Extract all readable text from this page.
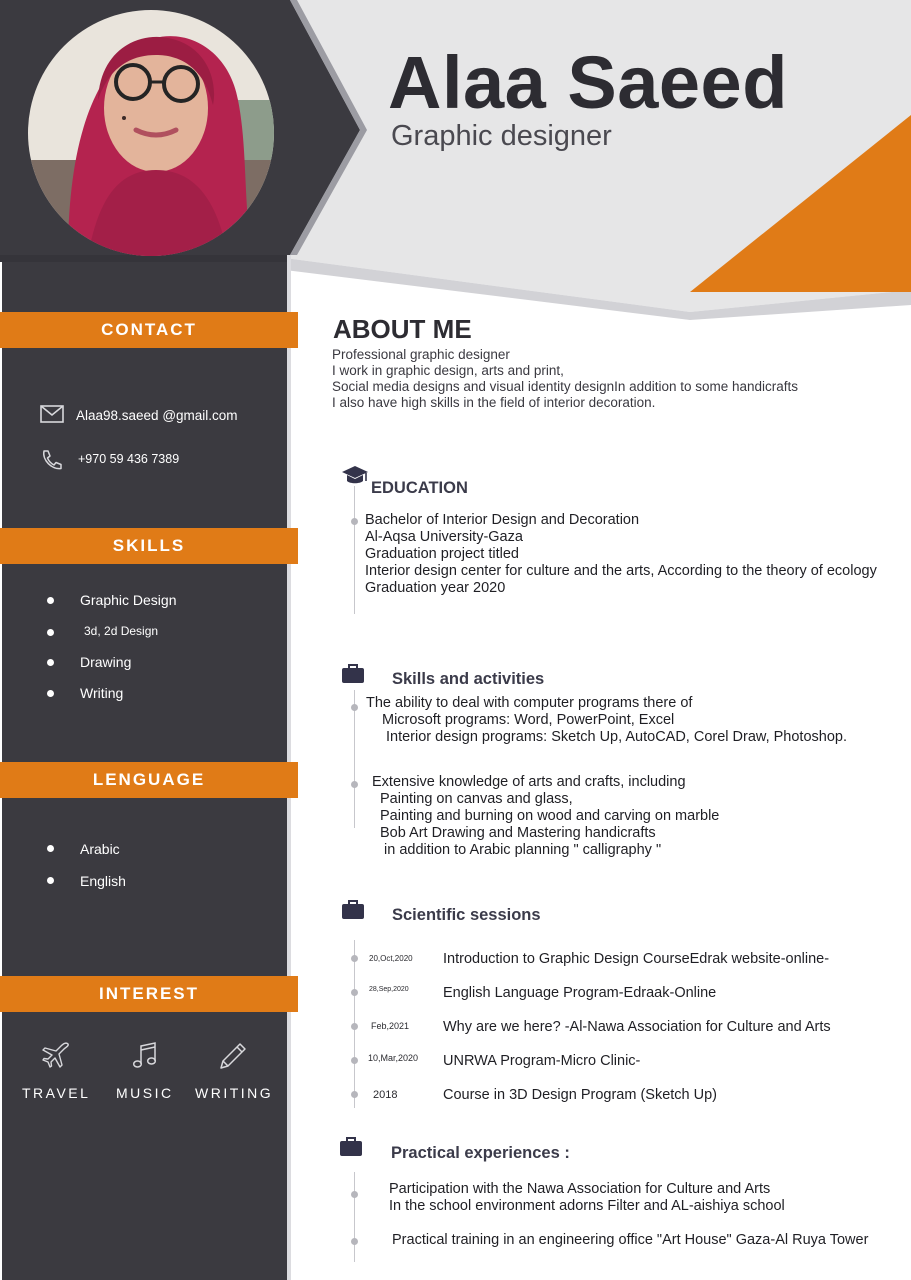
Alaa Saeed
Graphic designer
CONTACT
Alaa98.saeed @gmail.com
+970 59 436 7389
SKILLS
Graphic Design
3d, 2d Design
Drawing
Writing
LENGUAGE
Arabic
English
INTEREST
TRAVEL MUSIC WRITING
ABOUT ME
Professional graphic designer
I work in graphic design, arts and print,
Social media designs and visual identity designIn addition to some handicrafts
I also have high skills in the field of interior decoration.
EDUCATION
Bachelor of Interior Design and Decoration
Al-Aqsa University-Gaza
Graduation project titled
Interior design center for culture and the arts, According to the theory of ecology
Graduation year 2020
Skills and activities
The ability to deal with computer programs there of
Microsoft programs: Word, PowerPoint, Excel
Interior design programs: Sketch Up, AutoCAD, Corel Draw, Photoshop.
Extensive knowledge of arts and crafts, including
Painting on canvas and glass,
Painting and burning on wood and carving on marble
Bob Art Drawing and Mastering handicrafts
in addition to Arabic planning " calligraphy "
Scientific sessions
20,Oct,2020 Introduction to Graphic Design CourseEdrak website-online-
28,Sep,2020 English Language Program-Edraak-Online
Feb,2021 Why are we here? -Al-Nawa Association for Culture and Arts
10,Mar,2020 UNRWA Program-Micro Clinic-
2018	Course in 3D Design Program (Sketch Up)
Practical experiences :
Participation with the Nawa Association for Culture and Arts
In the school environment adorns Filter and AL-aishiya school
Practical training in an engineering office "Art House" Gaza-Al Ruya Tower
